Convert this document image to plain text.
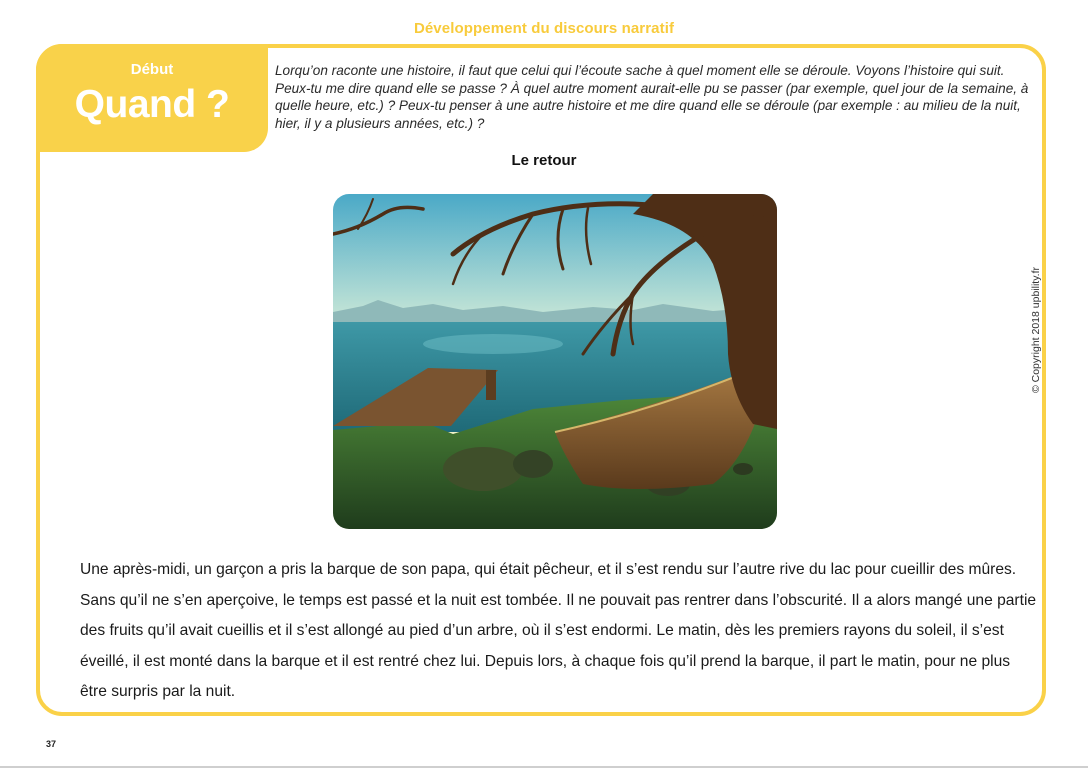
Développement du discours narratif
Début
Quand ?
Lorqu’on raconte une histoire, il faut que celui qui l’écoute sache à quel moment elle se déroule. Voyons l’histoire qui suit. Peux-tu me dire quand elle se passe ? À quel autre moment aurait-elle pu se passer (par exemple, quel jour de la semaine, à quelle heure, etc.) ? Peux-tu penser à une autre histoire et me dire quand elle se déroule (par exemple : au milieu de la nuit, hier, il y a plusieurs années, etc.) ?
Le retour
Une après-midi, un garçon a pris la barque de son papa, qui était pêcheur, et il s’est rendu sur l’autre rive du lac pour cueillir des mûres. Sans qu’il ne s’en aperçoive, le temps est passé et la nuit est tombée. Il ne pouvait pas rentrer dans l’obscurité. Il a alors mangé une partie des fruits qu’il avait cueillis et il s’est allongé au pied d’un arbre, où il s’est endormi. Le matin, dès les premiers rayons du soleil, il s’est éveillé, il est monté dans la barque et il est rentré chez lui. Depuis lors, à chaque fois qu’il prend la barque, il part le matin, pour ne plus être surpris par la nuit.
© Copyright 2018 upbility.fr
37
